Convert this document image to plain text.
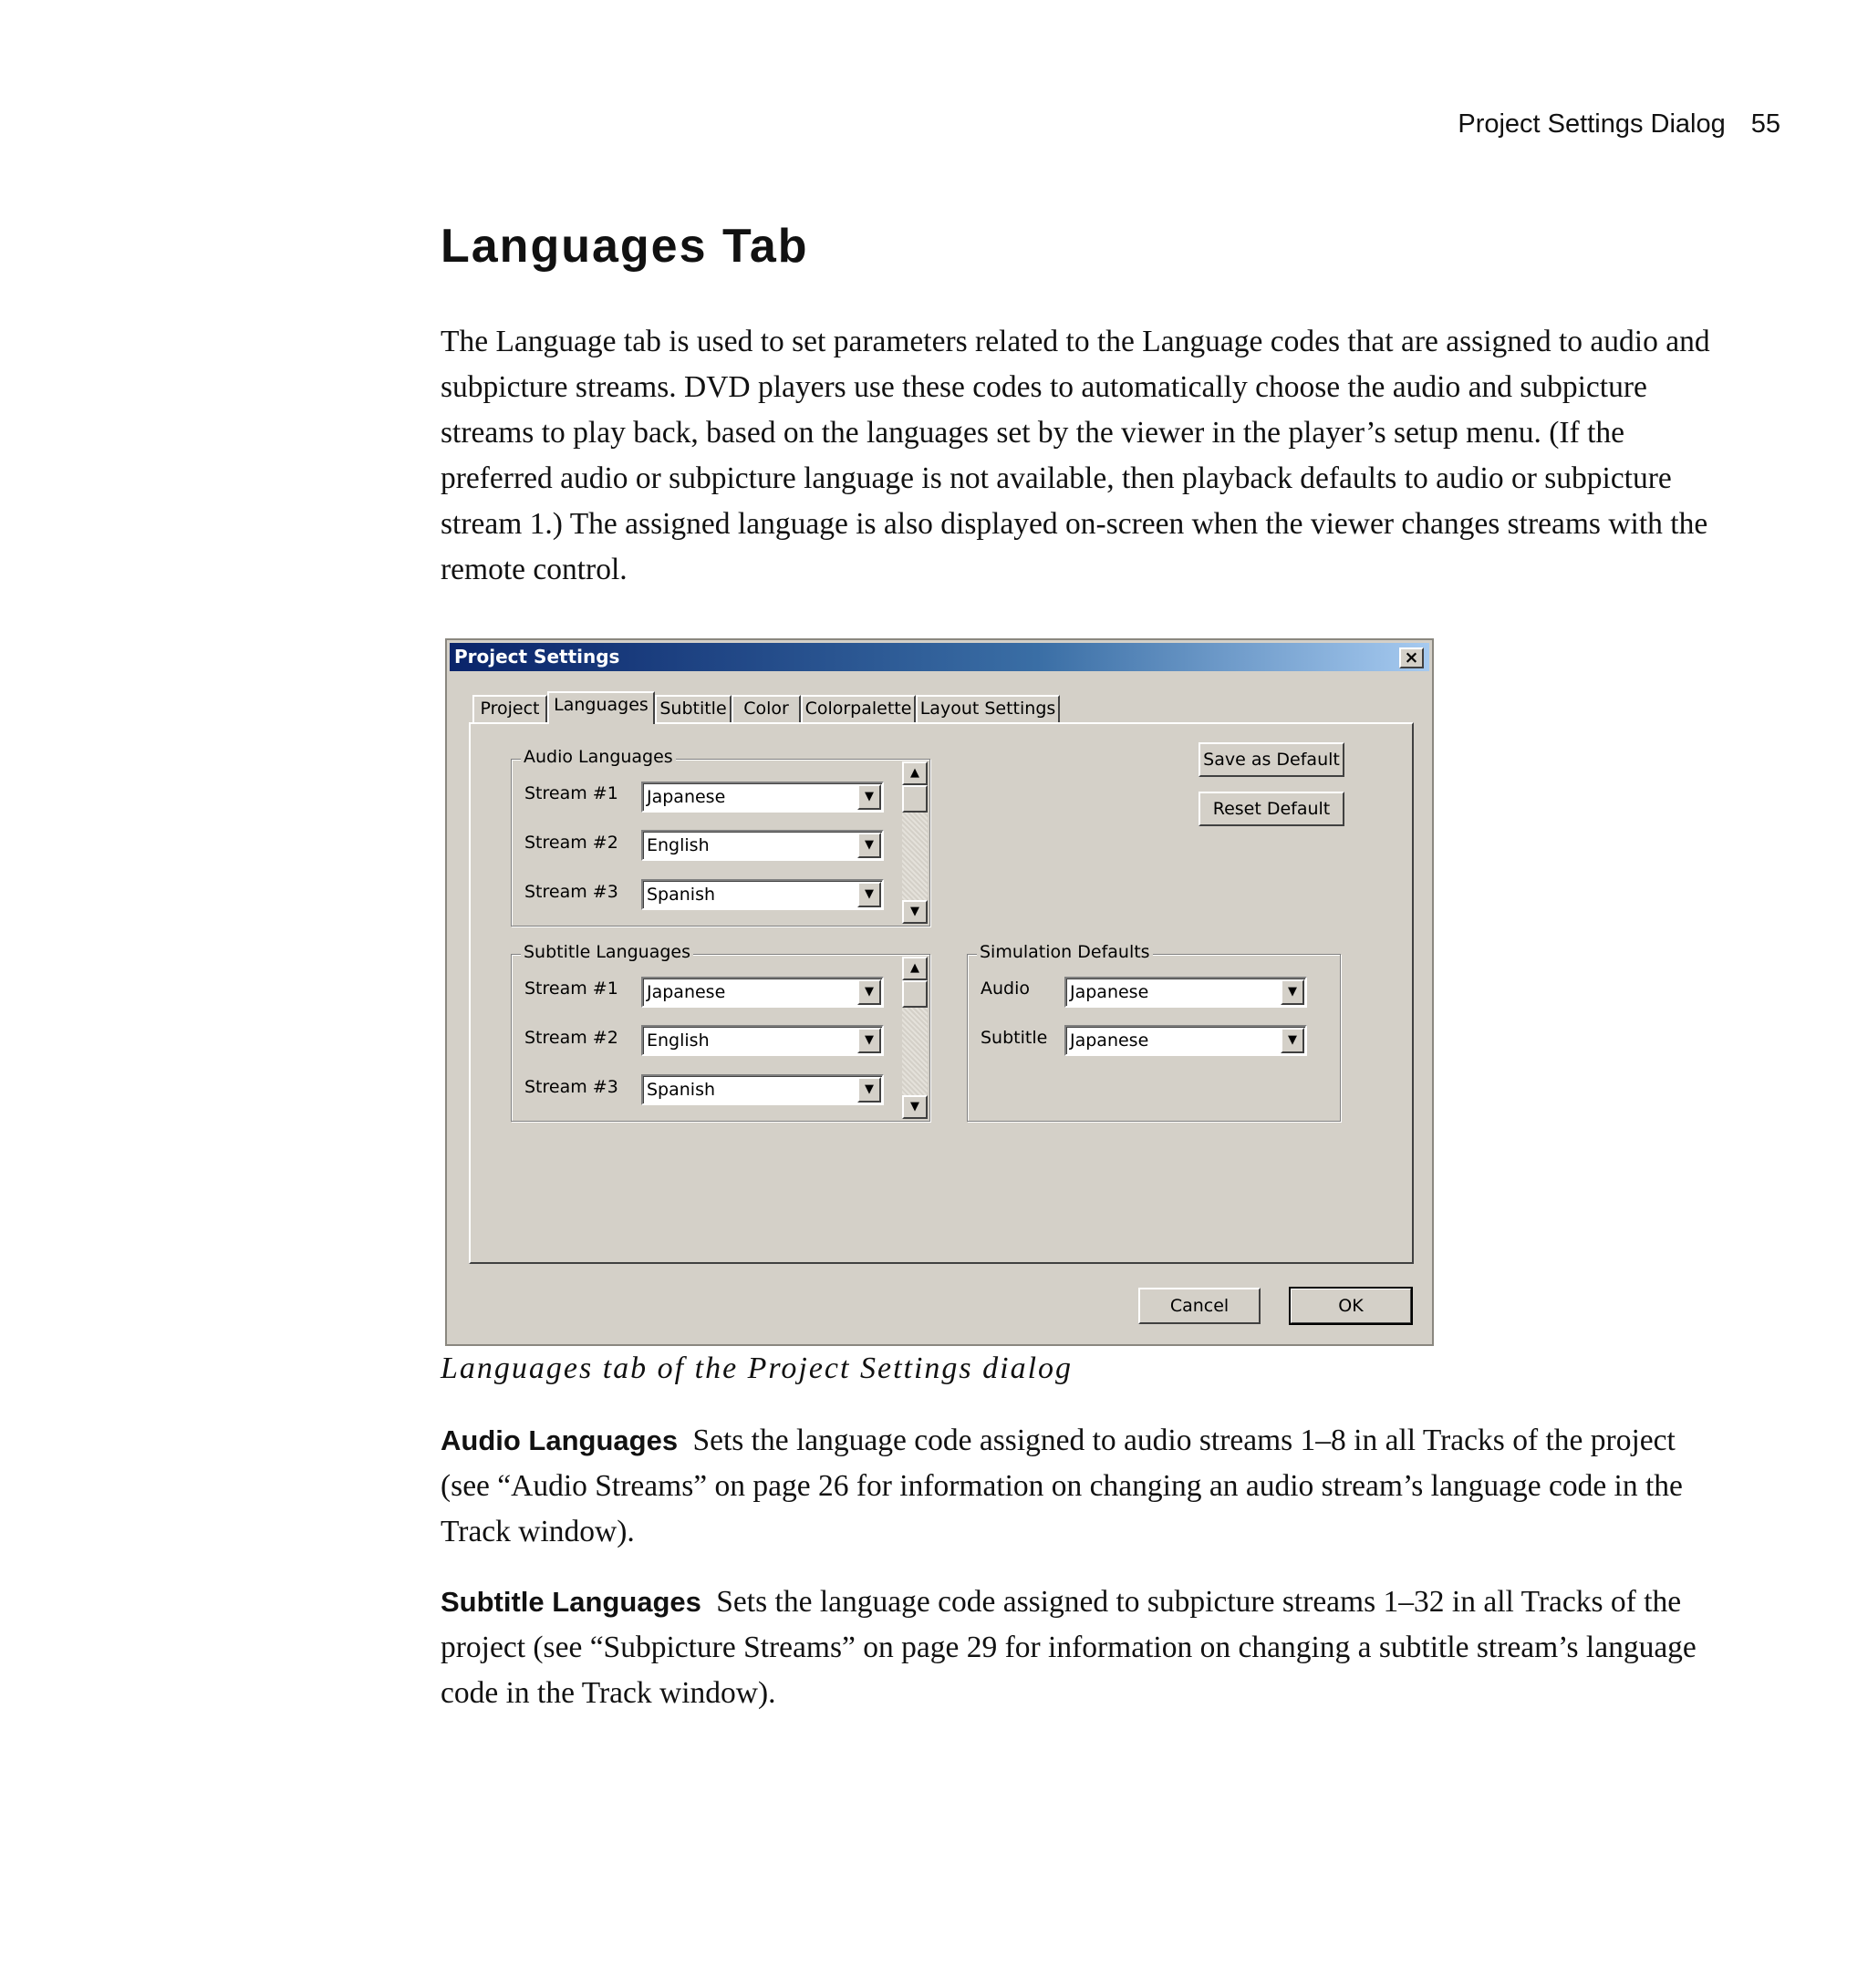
Project Settings Dialog 55
Languages Tab

The Language tab is used to set parameters related to the Language codes that are assigned to audio and subpicture streams. DVD players use these codes to automatically choose the audio and subpicture streams to play back, based on the languages set by the viewer in the player’s setup menu. (If the preferred audio or subpicture language is not available, then playback defaults to audio or subpicture stream 1.) The assigned language is also displayed on-screen when the viewer changes streams with the remote control.

Project Settings	×
Project Languages Subtitle Color Colorpalette Layout Settings
Audio Languages
Stream #1 Japanese	▼
Stream #2 English	▼
Stream #3 Spanish	▼
▲
▼
Subtitle Languages
Stream #1 Japanese	▼
Stream #2 English	▼
Stream #3 Spanish	▼
▲
▼
Simulation Defaults
Audio Japanese	▼
Subtitle Japanese	▼
Save as Default
Reset Default
Cancel	OK

Languages tab of the Project Settings dialog

Audio Languages Sets the language code assigned to audio streams 1–8 in all Tracks of the project (see “Audio Streams” on page 26 for information on changing an audio stream’s language code in the Track window).

Subtitle Languages Sets the language code assigned to subpicture streams 1–32 in all Tracks of the project (see “Subpicture Streams” on page 29 for information on changing a subtitle stream’s language code in the Track window).
